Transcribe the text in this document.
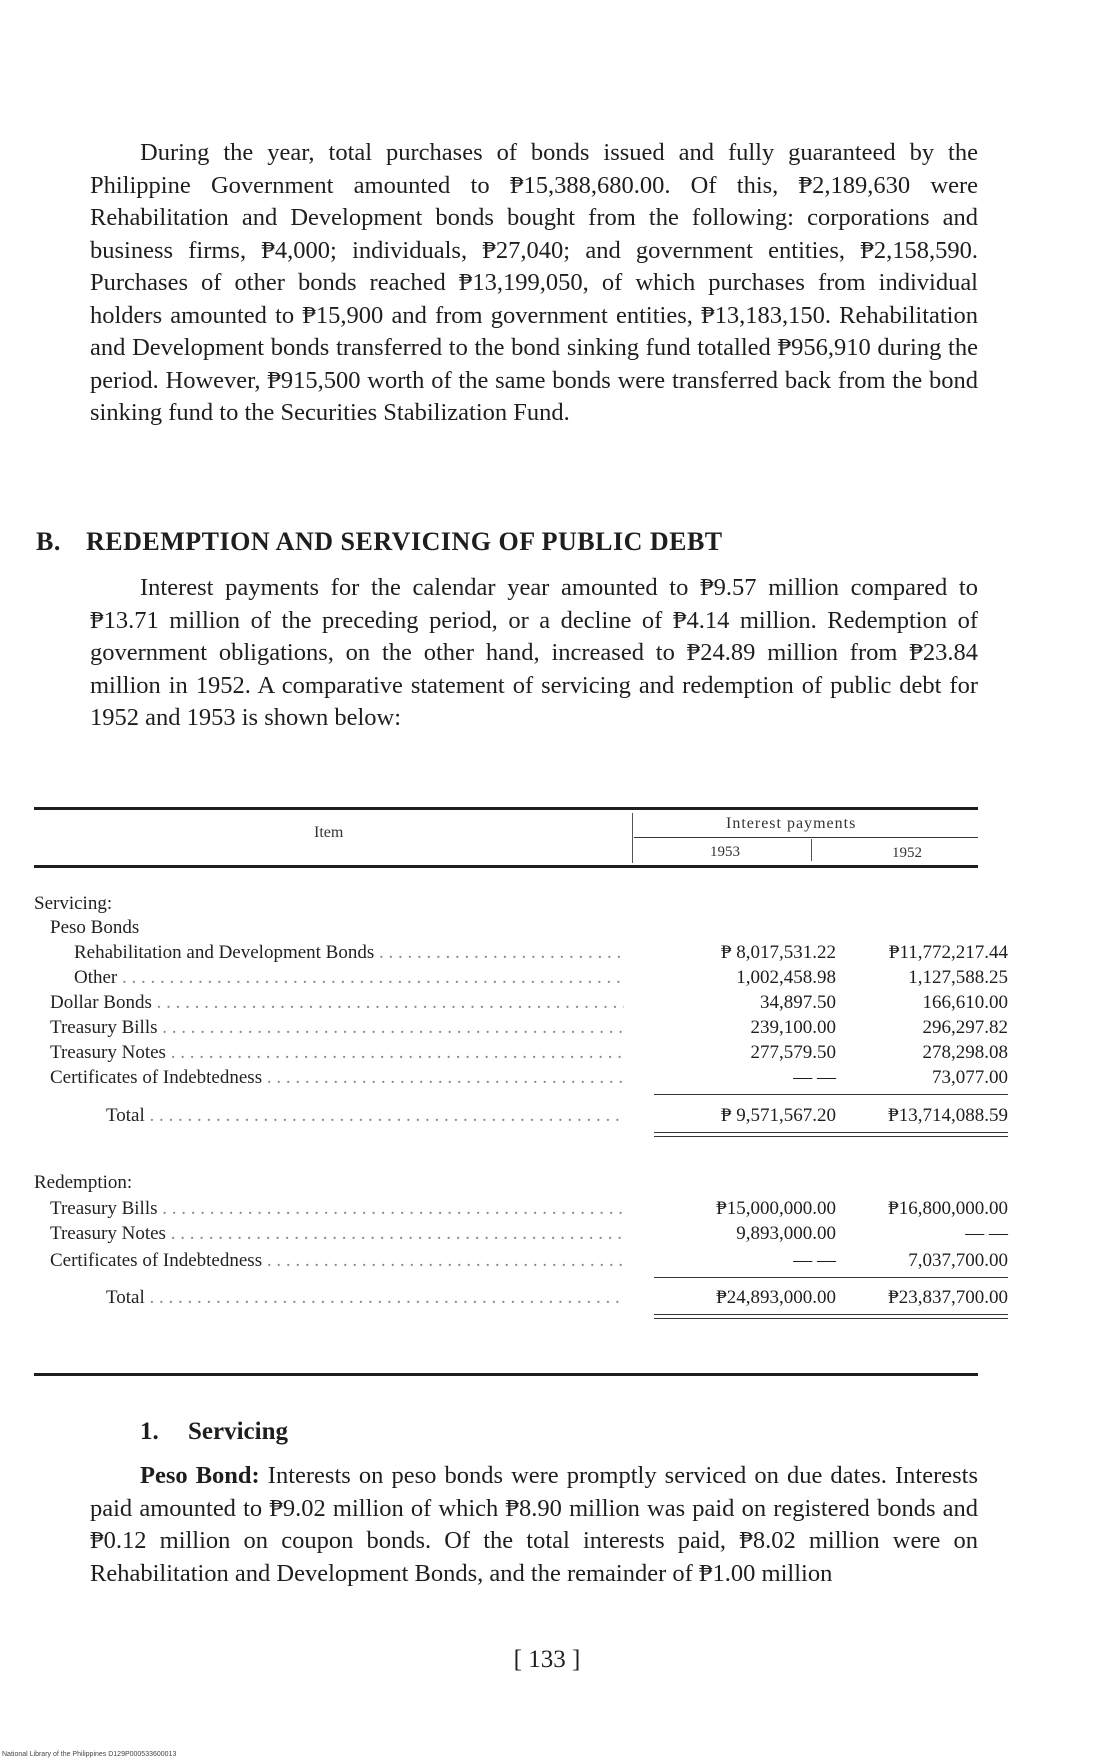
During the year, total purchases of bonds issued and fully guaranteed by the Philippine Government amounted to ₱15,388,680.00. Of this, ₱2,189,630 were Rehabilitation and Development bonds bought from the following: corporations and business firms, ₱4,000; individuals, ₱27,040; and government entities, ₱2,158,590. Purchases of other bonds reached ₱13,199,050, of which purchases from individual holders amounted to ₱15,900 and from government entities, ₱13,183,150. Rehabilitation and Development bonds transferred to the bond sinking fund totalled ₱956,910 during the period. However, ₱915,500 worth of the same bonds were transferred back from the bond sinking fund to the Securities Stabilization Fund.

B. REDEMPTION AND SERVICING OF PUBLIC DEBT

Interest payments for the calendar year amounted to ₱9.57 million compared to ₱13.71 million of the preceding period, or a decline of ₱4.14 million. Redemption of government obligations, on the other hand, increased to ₱24.89 million from ₱23.84 million in 1952. A comparative statement of servicing and redemption of public debt for 1952 and 1953 is shown below:

Item
Interest payments
1953	1952
Servicing:
Peso Bonds
Rehabilitation and Development Bonds . . .	₱ 8,017,531.22	₱11,772,217.44
Other . . .	1,002,458.98	1,127,588.25
Dollar Bonds . . .	34,897.50	166,610.00
Treasury Bills . . .	239,100.00	296,297.82
Treasury Notes . . .	277,579.50	278,298.08
Certificates of Indebtedness . . .	— —	73,077.00
Total . . .	₱ 9,571,567.20	₱13,714,088.59
Redemption:
Treasury Bills . . .	₱15,000,000.00	₱16,800,000.00
Treasury Notes . . .	9,893,000.00	— —
Certificates of Indebtedness . . .	— —	7,037,700.00
Total . . .	₱24,893,000.00	₱23,837,700.00
1. Servicing

Peso Bond: Interests on peso bonds were promptly serviced on due dates. Interests paid amounted to ₱9.02 million of which ₱8.90 million was paid on registered bonds and ₱0.12 million on coupon bonds. Of the total interests paid, ₱8.02 million were on Rehabilitation and Development Bonds, and the remainder of ₱1.00 million

[ 133 ]

National Library of the Philippines D129P000533600013
